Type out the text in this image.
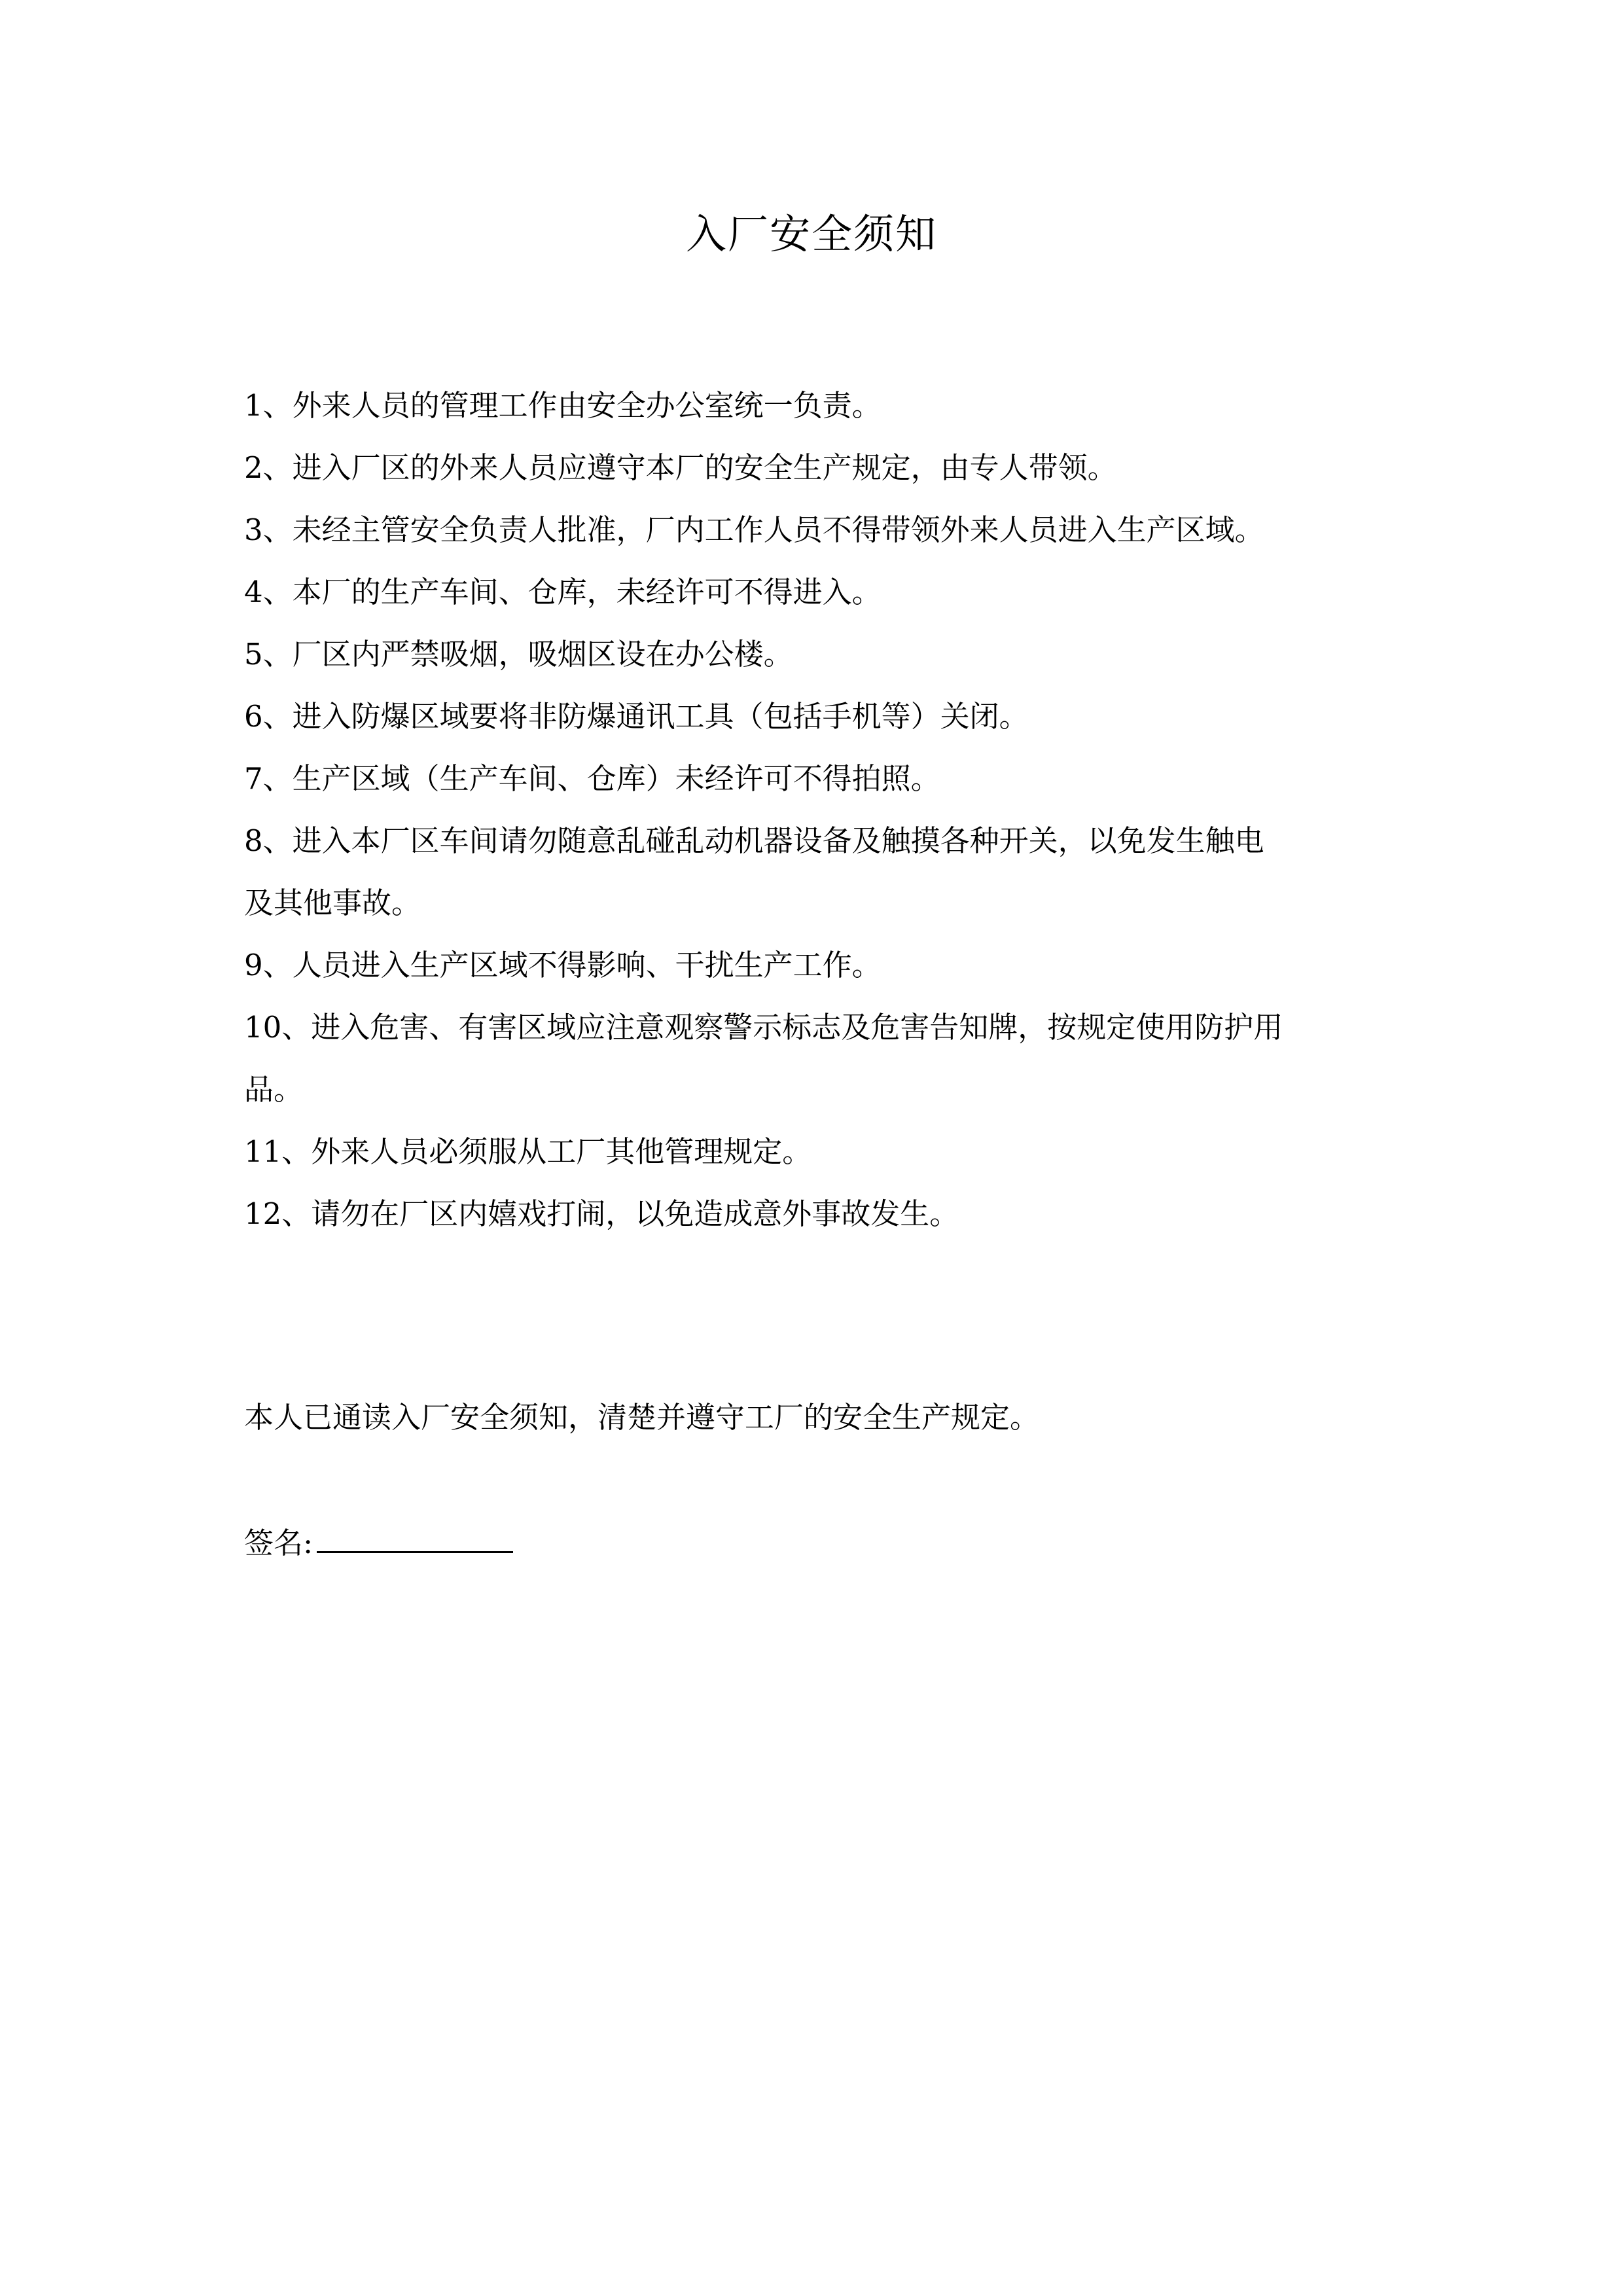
入厂安全须知
1、外来人员的管理工作由安全办公室统一负责。
2、进入厂区的外来人员应遵守本厂的安全生产规定，由专人带领。
3、未经主管安全负责人批准，厂内工作人员不得带领外来人员进入生产区域。
4、本厂的生产车间、仓库，未经许可不得进入。
5、厂区内严禁吸烟，吸烟区设在办公楼。
6、进入防爆区域要将非防爆通讯工具（包括手机等）关闭。
7、生产区域（生产车间、仓库）未经许可不得拍照。
8、进入本厂区车间请勿随意乱碰乱动机器设备及触摸各种开关，以免发生触电
及其他事故。
9、人员进入生产区域不得影响、干扰生产工作。
10、进入危害、有害区域应注意观察警示标志及危害告知牌，按规定使用防护用
品。
11、外来人员必须服从工厂其他管理规定。
12、请勿在厂区内嬉戏打闹，以免造成意外事故发生。
本人已通读入厂安全须知，清楚并遵守工厂的安全生产规定。
签名:
